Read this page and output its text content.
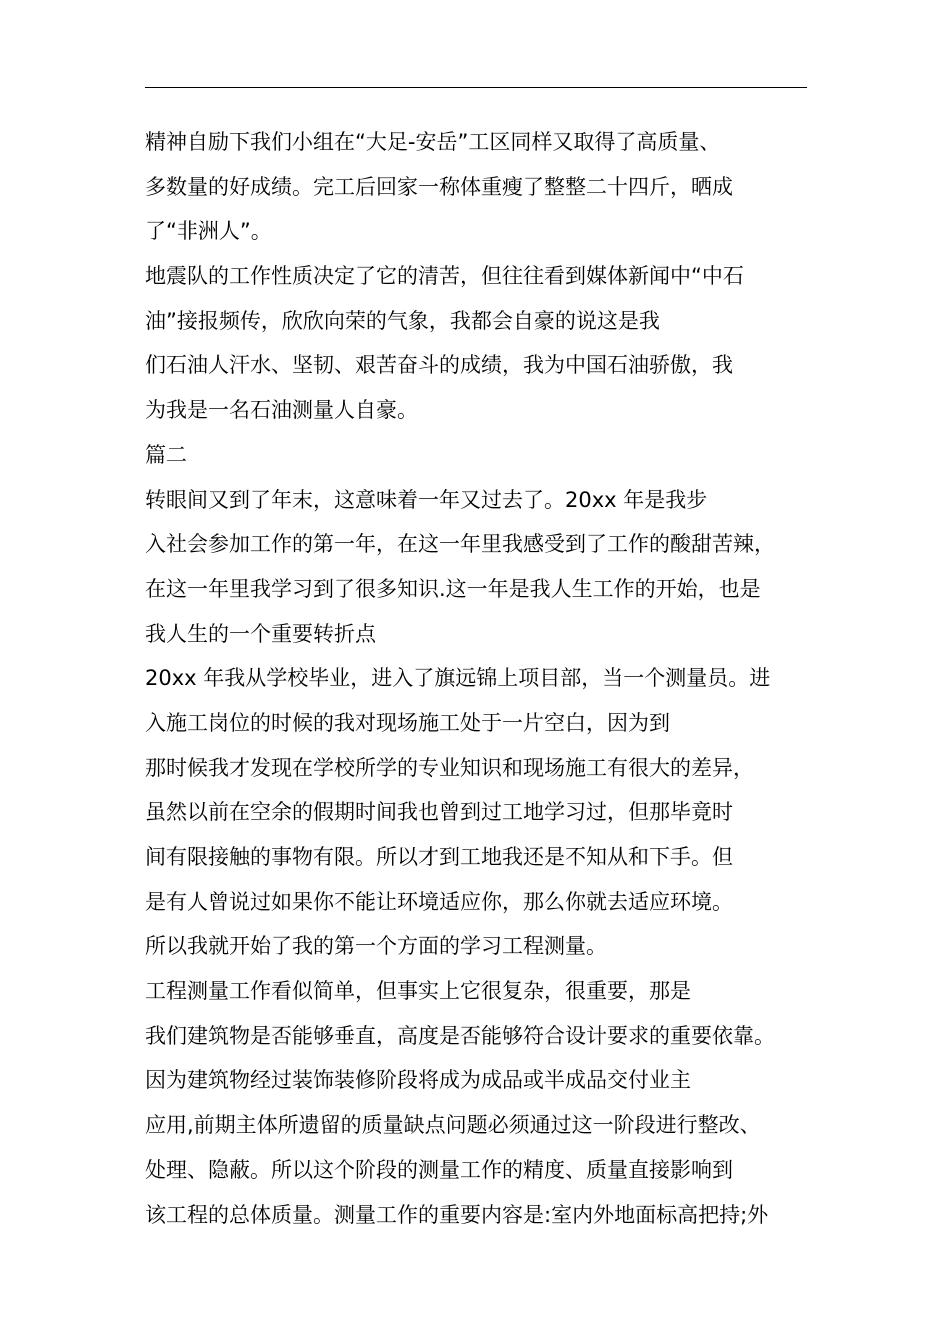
精神自励下我们小组在“大足-安岳”工区同样又取得了高质量、
多数量的好成绩。完工后回家一称体重瘦了整整二十四斤，晒成
了“非洲人”。
地震队的工作性质决定了它的清苦，但往往看到媒体新闻中“中石
油”接报频传，欣欣向荣的气象，我都会自豪的说这是我
们石油人汗水、坚韧、艰苦奋斗的成绩，我为中国石油骄傲，我
为我是一名石油测量人自豪。
篇二
转眼间又到了年末，这意味着一年又过去了。20xx 年是我步
入社会参加工作的第一年，在这一年里我感受到了工作的酸甜苦辣，
在这一年里我学习到了很多知识.这一年是我人生工作的开始，也是
我人生的一个重要转折点
20xx 年我从学校毕业，进入了旗远锦上项目部，当一个测量员。进
入施工岗位的时候的我对现场施工处于一片空白，因为到
那时候我才发现在学校所学的专业知识和现场施工有很大的差异，
虽然以前在空余的假期时间我也曾到过工地学习过，但那毕竟时
间有限接触的事物有限。所以才到工地我还是不知从和下手。但
是有人曾说过如果你不能让环境适应你，那么你就去适应环境。
所以我就开始了我的第一个方面的学习工程测量。
工程测量工作看似简单，但事实上它很复杂，很重要，那是
我们建筑物是否能够垂直，高度是否能够符合设计要求的重要依靠。
因为建筑物经过装饰装修阶段将成为成品或半成品交付业主
应用,前期主体所遗留的质量缺点问题必须通过这一阶段进行整改、
处理、隐蔽。所以这个阶段的测量工作的精度、质量直接影响到
该工程的总体质量。测量工作的重要内容是:室内外地面标高把持;外
